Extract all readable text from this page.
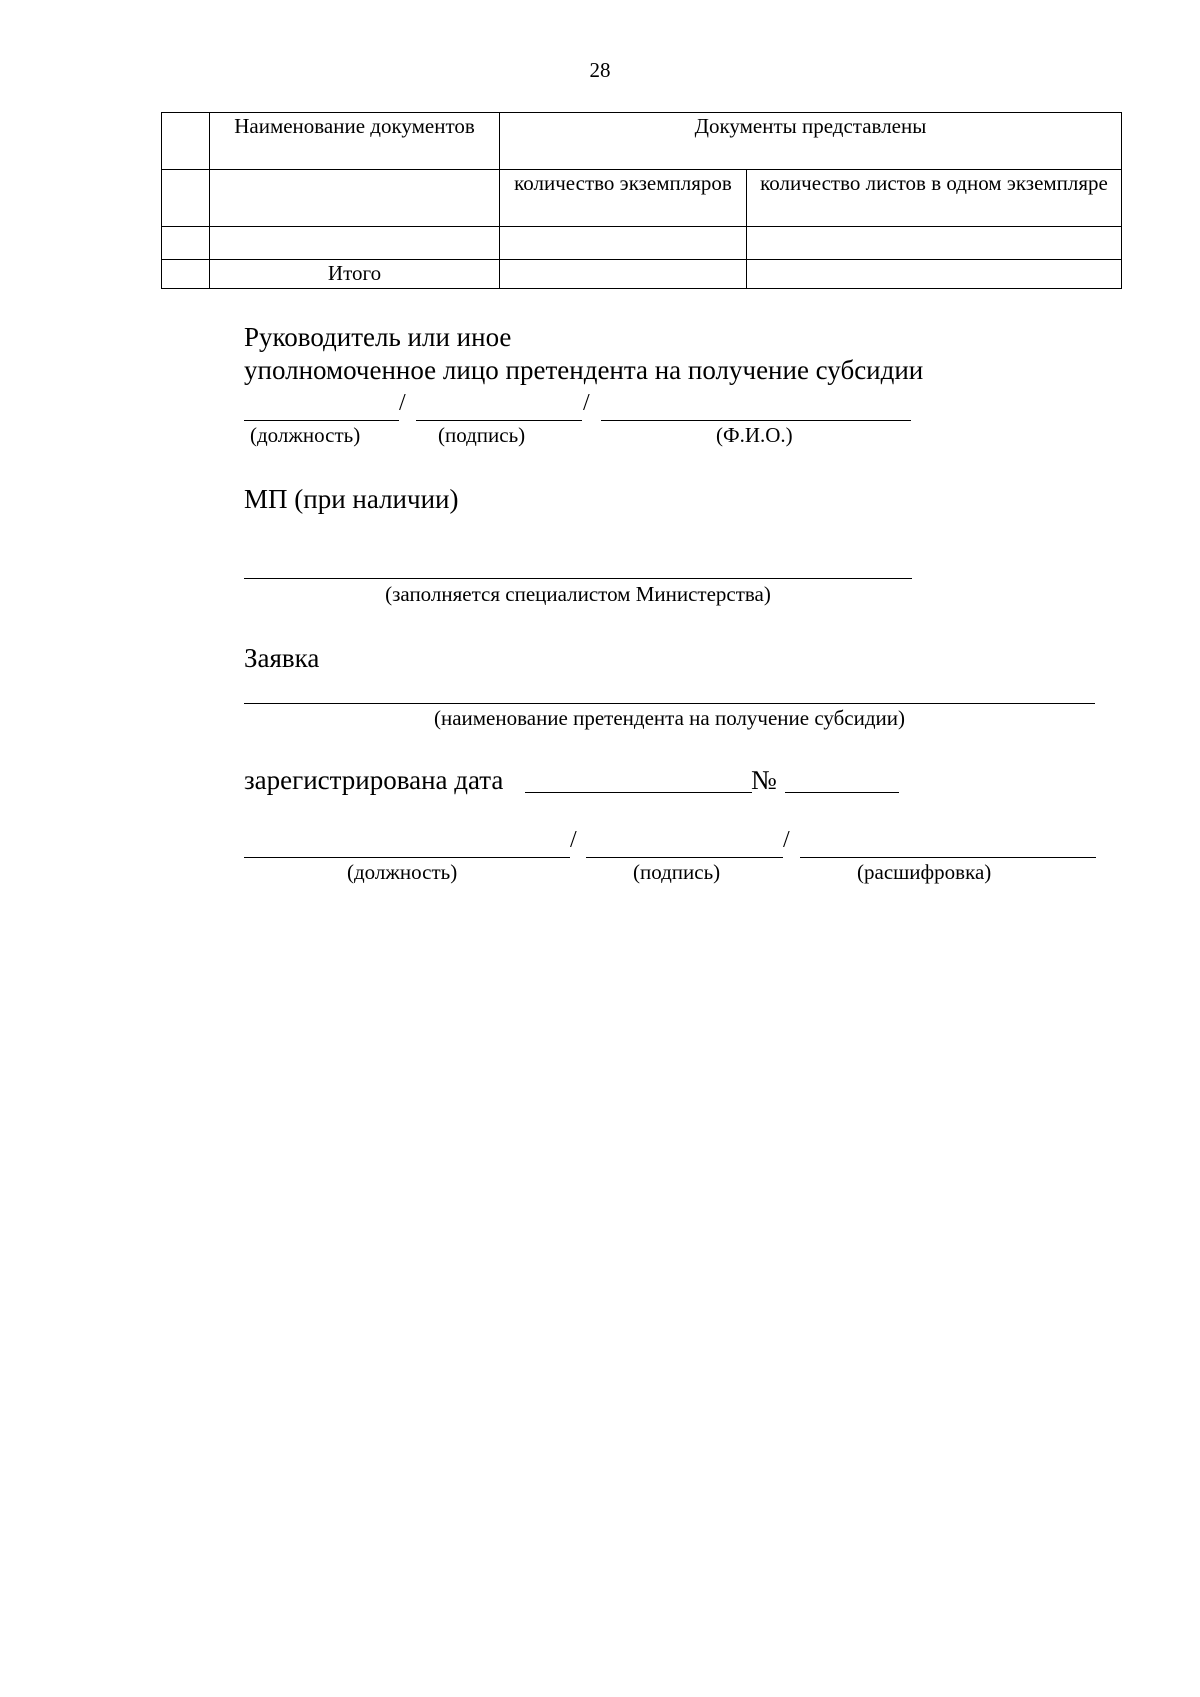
28
	Наименование документов	Документы представлены	
		количество экземпляров	количество листов в одном экземпляре

	Итого		
Руководитель или иное
уполномоченное лицо претендента на получение субсидии
/	/
(должность)	(подпись)	(Ф.И.О.)
МП (при наличии)
(заполняется специалистом Министерства)
Заявка
(наименование претендента на получение субсидии)
зарегистрирована дата	№
/	/
(должность)	(подпись)	(расшифровка)
